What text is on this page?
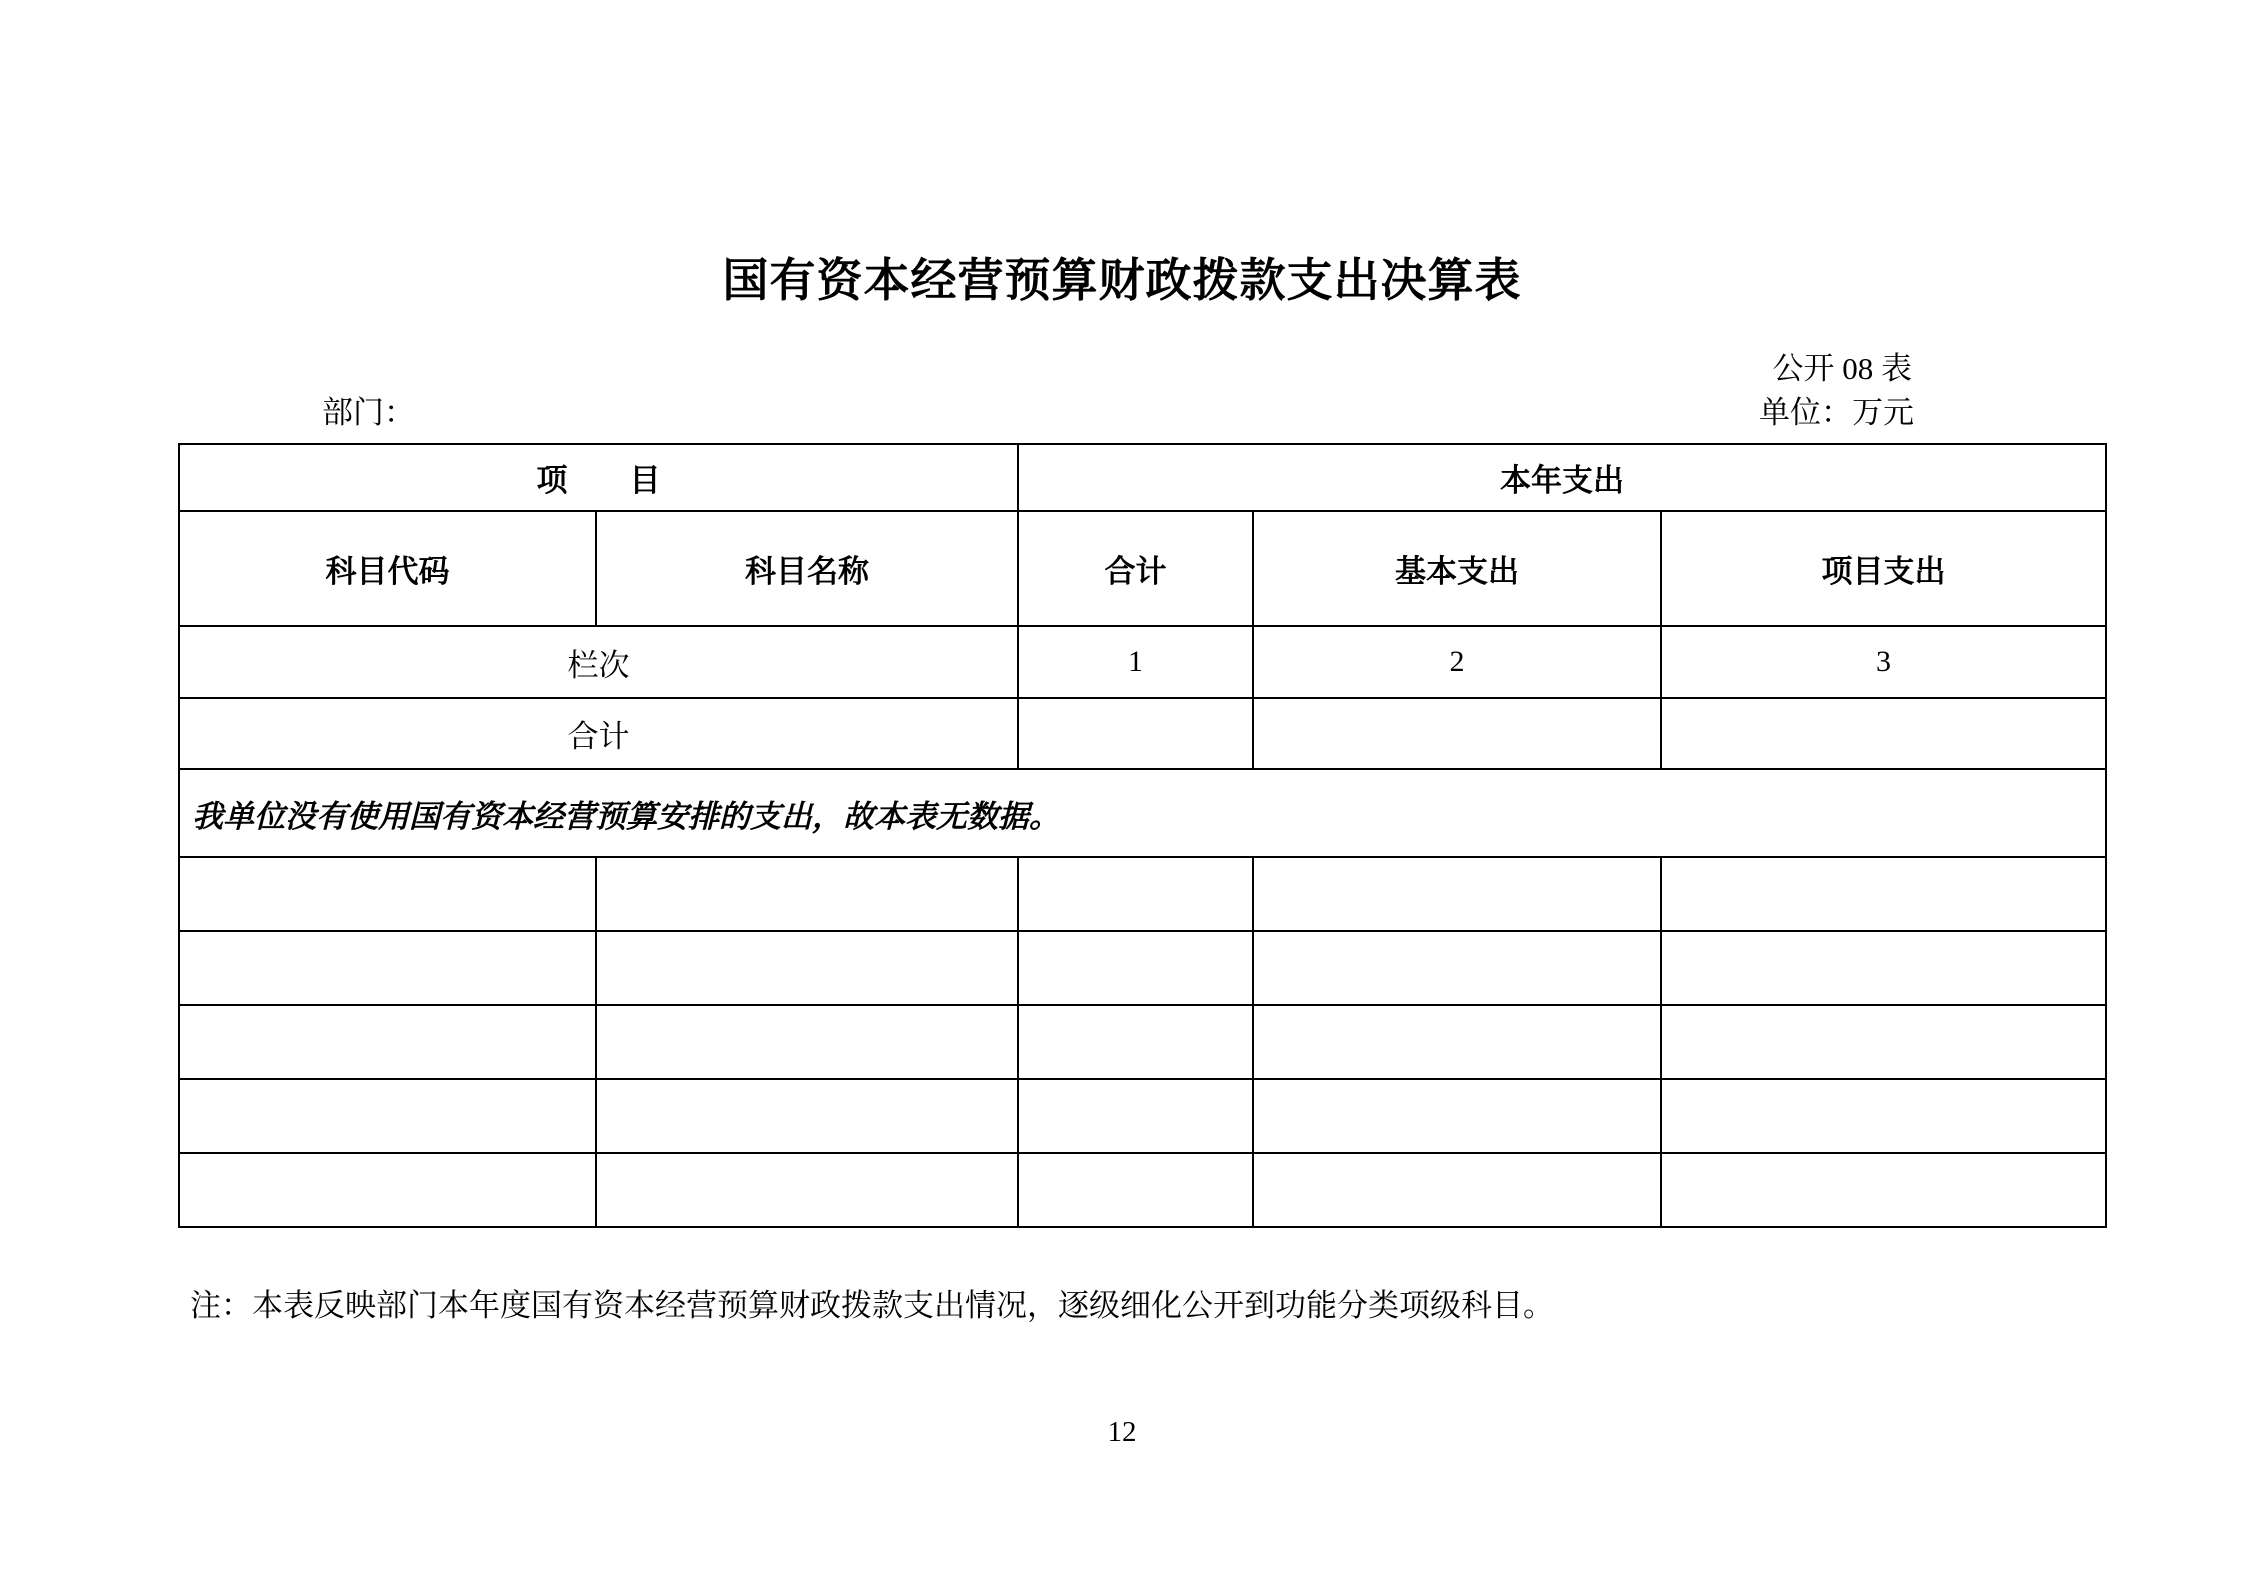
国有资本经营预算财政拨款支出决算表
公开 08 表
部门：	单位：万元
项　　目		本年支出		
科目代码	科目名称	合计	基本支出	项目支出
栏次		1	2	3
合计				
我单位没有使用国有资本经营预算安排的支出，故本表无数据。				

注：本表反映部门本年度国有资本经营预算财政拨款支出情况，逐级细化公开到功能分类项级科目。
12
